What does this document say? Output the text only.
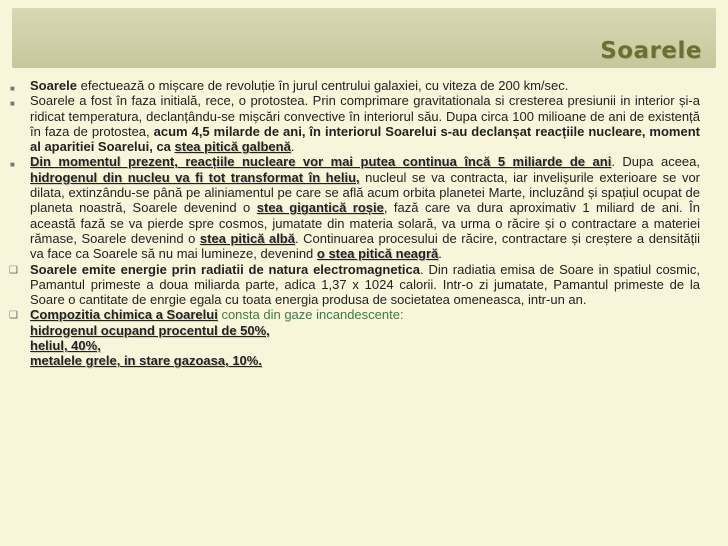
Soarele
■
Soarele efectuează o mișcare de revoluție în jurul centrului galaxiei, cu viteza de 200 km/sec.
■
Soarele a fost în faza initială, rece, o protostea. Prin comprimare gravitationala si cresterea presiunii in interior și-a ridicat temperatura, declanțându-se mișcări convective în interiorul său. Dupa circa 100 milioane de ani de existență în faza de protostea, acum 4,5 milarde de ani, în interiorul Soarelui s-au declanșat reacțiile nucleare, moment al aparitiei Soarelui, ca stea pitică galbenă.
■
Din momentul prezent, reacțiile nucleare vor mai putea continua încă 5 miliarde de ani. Dupa aceea, hidrogenul din nucleu va fi tot transformat în heliu, nucleul se va contracta, iar invelișurile exterioare se vor dilata, extinzându-se până pe aliniamentul pe care se află acum orbita planetei Marte, incluzând și spațiul ocupat de planeta noastră, Soarele devenind o stea gigantică roșie, fază care va dura aproximativ 1 miliard de ani. În această fază se va pierde spre cosmos, jumatate din materia solară, va urma o răcire și o contractare a materiei rămase, Soarele devenind o stea pitică albă. Continuarea procesului de răcire, contractare și creștere a densității va face ca Soarele să nu mai lumineze, devenind o stea pitică neagră.
❑
Soarele emite energie prin radiatii de natura electromagnetica. Din radiatia emisa de Soare in spatiul cosmic, Pamantul primeste a doua miliarda parte, adica 1,37 x 1024 calorii. Intr-o zi jumatate, Pamantul primeste de la Soare o cantitate de enrgie egala cu toata energia produsa de societatea omeneasca, intr-un an.
❑
Compozitia chimica a Soarelui consta din gaze incandescente:
hidrogenul ocupand procentul de 50%,
heliul, 40%,
metalele grele, in stare gazoasa, 10%.
